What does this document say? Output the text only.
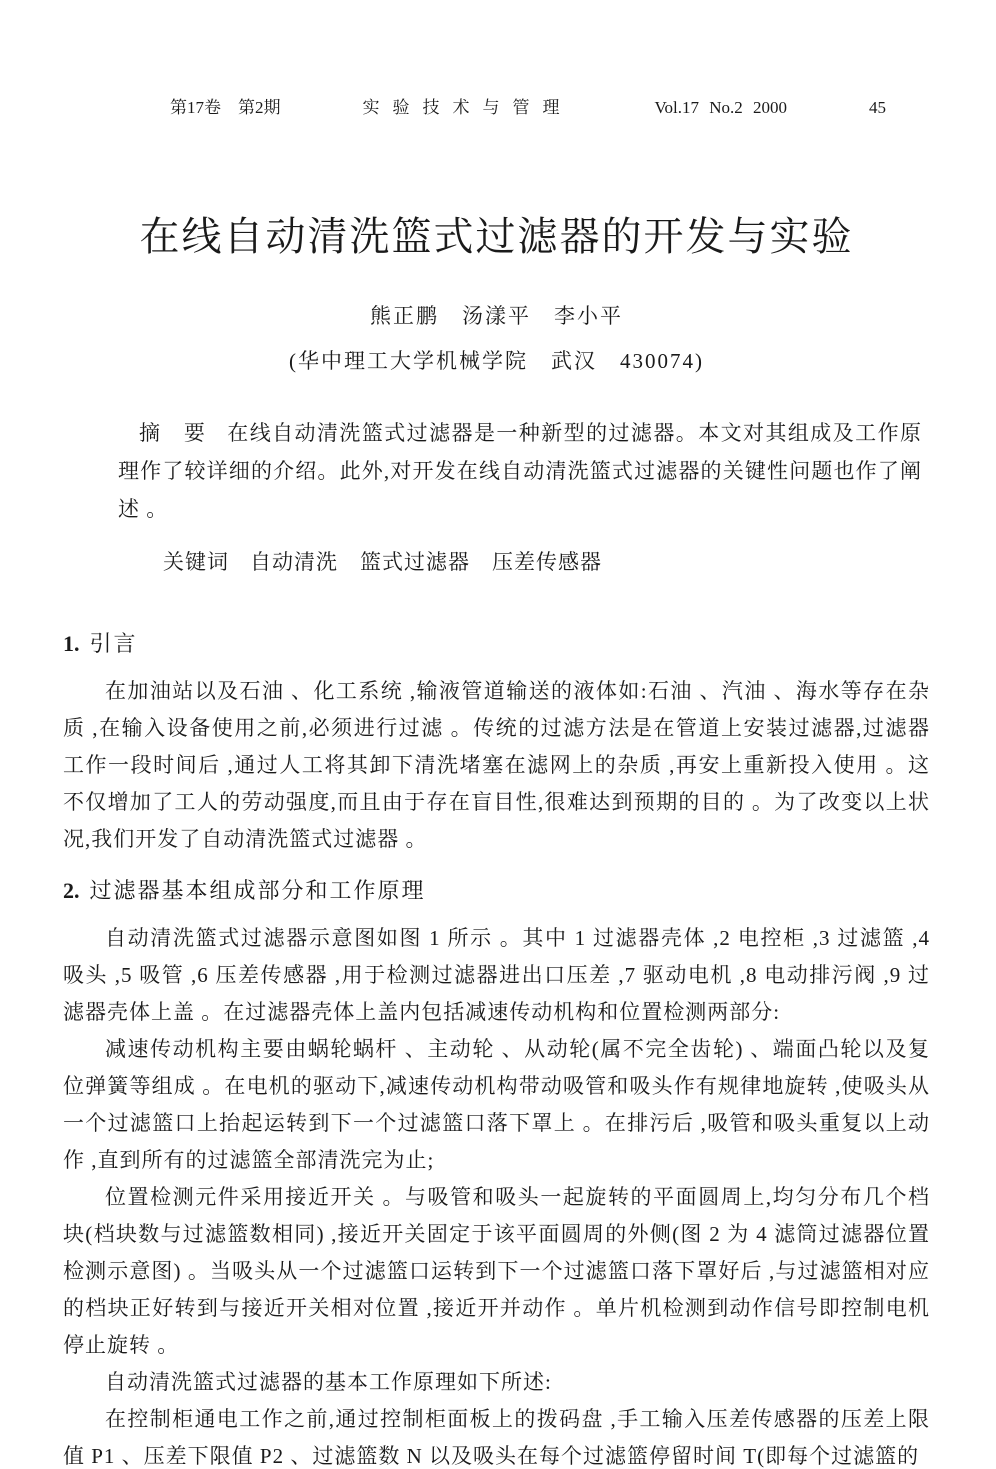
第17卷　第2期	实验技术与管理	Vol.17 No.2 2000	45
在线自动清洗篮式过滤器的开发与实验
熊正鹏　汤漾平　李小平
(华中理工大学机械学院　武汉　430074)

摘　要 在线自动清洗篮式过滤器是一种新型的过滤器。本文对其组成及工作原理作了较详细的介绍。此外,对开发在线自动清洗篮式过滤器的关键性问题也作了阐述 。

关键词 自动清洗　篮式过滤器　压差传感器
1. 引言

在加油站以及石油 、化工系统 ,输液管道输送的液体如:石油 、汽油 、海水等存在杂质 ,在输入设备使用之前,必须进行过滤 。传统的过滤方法是在管道上安装过滤器,过滤器工作一段时间后 ,通过人工将其卸下清洗堵塞在滤网上的杂质 ,再安上重新投入使用 。这不仅增加了工人的劳动强度,而且由于存在盲目性,很难达到预期的目的 。为了改变以上状况,我们开发了自动清洗篮式过滤器 。

2. 过滤器基本组成部分和工作原理

自动清洗篮式过滤器示意图如图 1 所示 。其中 1 过滤器壳体 ,2 电控柜 ,3 过滤篮 ,4 吸头 ,5 吸管 ,6 压差传感器 ,用于检测过滤器进出口压差 ,7 驱动电机 ,8 电动排污阀 ,9 过滤器壳体上盖 。在过滤器壳体上盖内包括减速传动机构和位置检测两部分:

减速传动机构主要由蜗轮蜗杆 、主动轮 、从动轮(属不完全齿轮) 、端面凸轮以及复位弹簧等组成 。在电机的驱动下,减速传动机构带动吸管和吸头作有规律地旋转 ,使吸头从一个过滤篮口上抬起运转到下一个过滤篮口落下罩上 。在排污后 ,吸管和吸头重复以上动作 ,直到所有的过滤篮全部清洗完为止;

位置检测元件采用接近开关 。与吸管和吸头一起旋转的平面圆周上,均匀分布几个档块(档块数与过滤篮数相同) ,接近开关固定于该平面圆周的外侧(图 2 为 4 滤筒过滤器位置检测示意图) 。当吸头从一个过滤篮口运转到下一个过滤篮口落下罩好后 ,与过滤篮相对应的档块正好转到与接近开关相对位置 ,接近开并动作 。单片机检测到动作信号即控制电机停止旋转 。

自动清洗篮式过滤器的基本工作原理如下所述:

在控制柜通电工作之前,通过控制柜面板上的拨码盘 ,手工输入压差传感器的压差上限值 P1 、压差下限值 P2 、过滤篮数 N 以及吸头在每个过滤篮停留时间 T(即每个过滤篮的
